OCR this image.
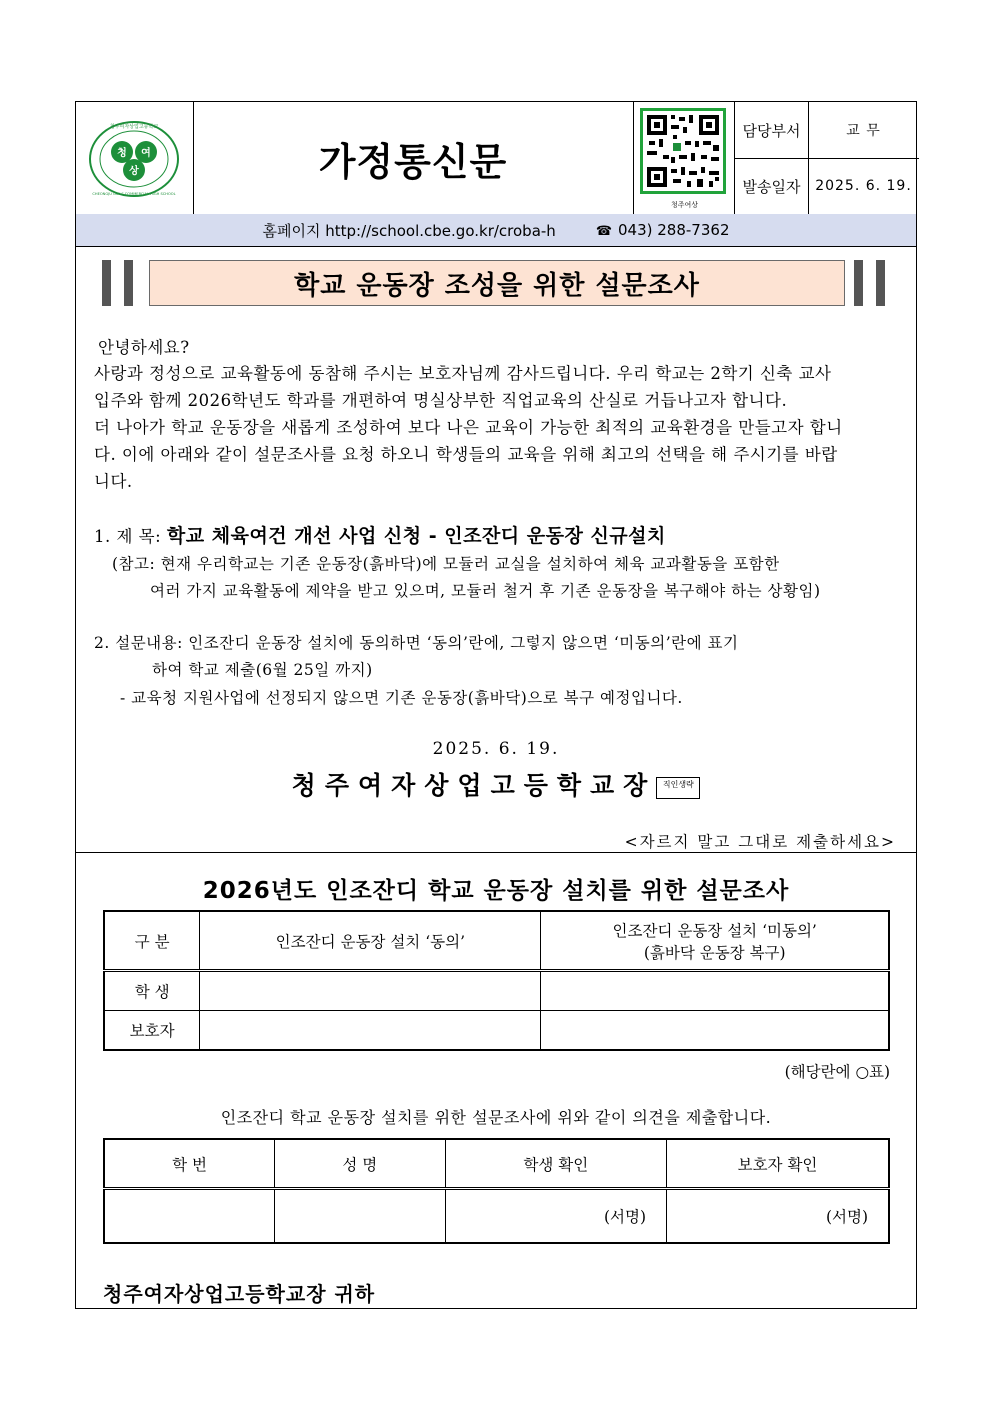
청 여
상
청주여자상업고등학교
CHEONGJU GIRLS COMMERCIAL HIGH SCHOOL
가정통신문
청주여상
담당부서	교 무
발송일자	2025. 6. 19.
홈페이지 http://school.cbe.go.kr/croba-h	☎ 043) 288-7362
학교 운동장 조성을 위한 설문조사
안녕하세요?
사랑과 정성으로 교육활동에 동참해 주시는 보호자님께 감사드립니다. 우리 학교는 2학기 신축 교사
입주와 함께 2026학년도 학과를 개편하여 명실상부한 직업교육의 산실로 거듭나고자 합니다.
더 나아가 학교 운동장을 새롭게 조성하여 보다 나은 교육이 가능한 최적의 교육환경을 만들고자 합니
다. 이에 아래와 같이 설문조사를 요청 하오니 학생들의 교육을 위해 최고의 선택을 해 주시기를 바랍
니다.
1. 제 목: 학교 체육여건 개선 사업 신청 - 인조잔디 운동장 신규설치
(참고: 현재 우리학교는 기존 운동장(흙바닥)에 모듈러 교실을 설치하여 체육 교과활동을 포함한
여러 가지 교육활동에 제약을 받고 있으며, 모듈러 철거 후 기존 운동장을 복구해야 하는 상황임)
2. 설문내용: 인조잔디 운동장 설치에 동의하면 ‘동의’란에, 그렇지 않으면 ‘미동의’란에 표기
하여 학교 제출(6월 25일 까지)
- 교육청 지원사업에 선정되지 않으면 기존 운동장(흙바닥)으로 복구 예정입니다.
2025. 6. 19.
청주여자상업고등학교장 직인생략
<자르지 말고 그대로 제출하세요>
2026년도 인조잔디 학교 운동장 설치를 위한 설문조사
구 분	인조잔디 운동장 설치 ‘동의’	인조잔디 운동장 설치 ‘미동의’
(흙바닥 운동장 복구)

학 생		
보호자		
(해당란에 ○표)
인조잔디 학교 운동장 설치를 위한 설문조사에 위와 같이 의견을 제출합니다.
학 번	성 명	학생 확인	보호자 확인
		(서명)	(서명)
청주여자상업고등학교장 귀하
